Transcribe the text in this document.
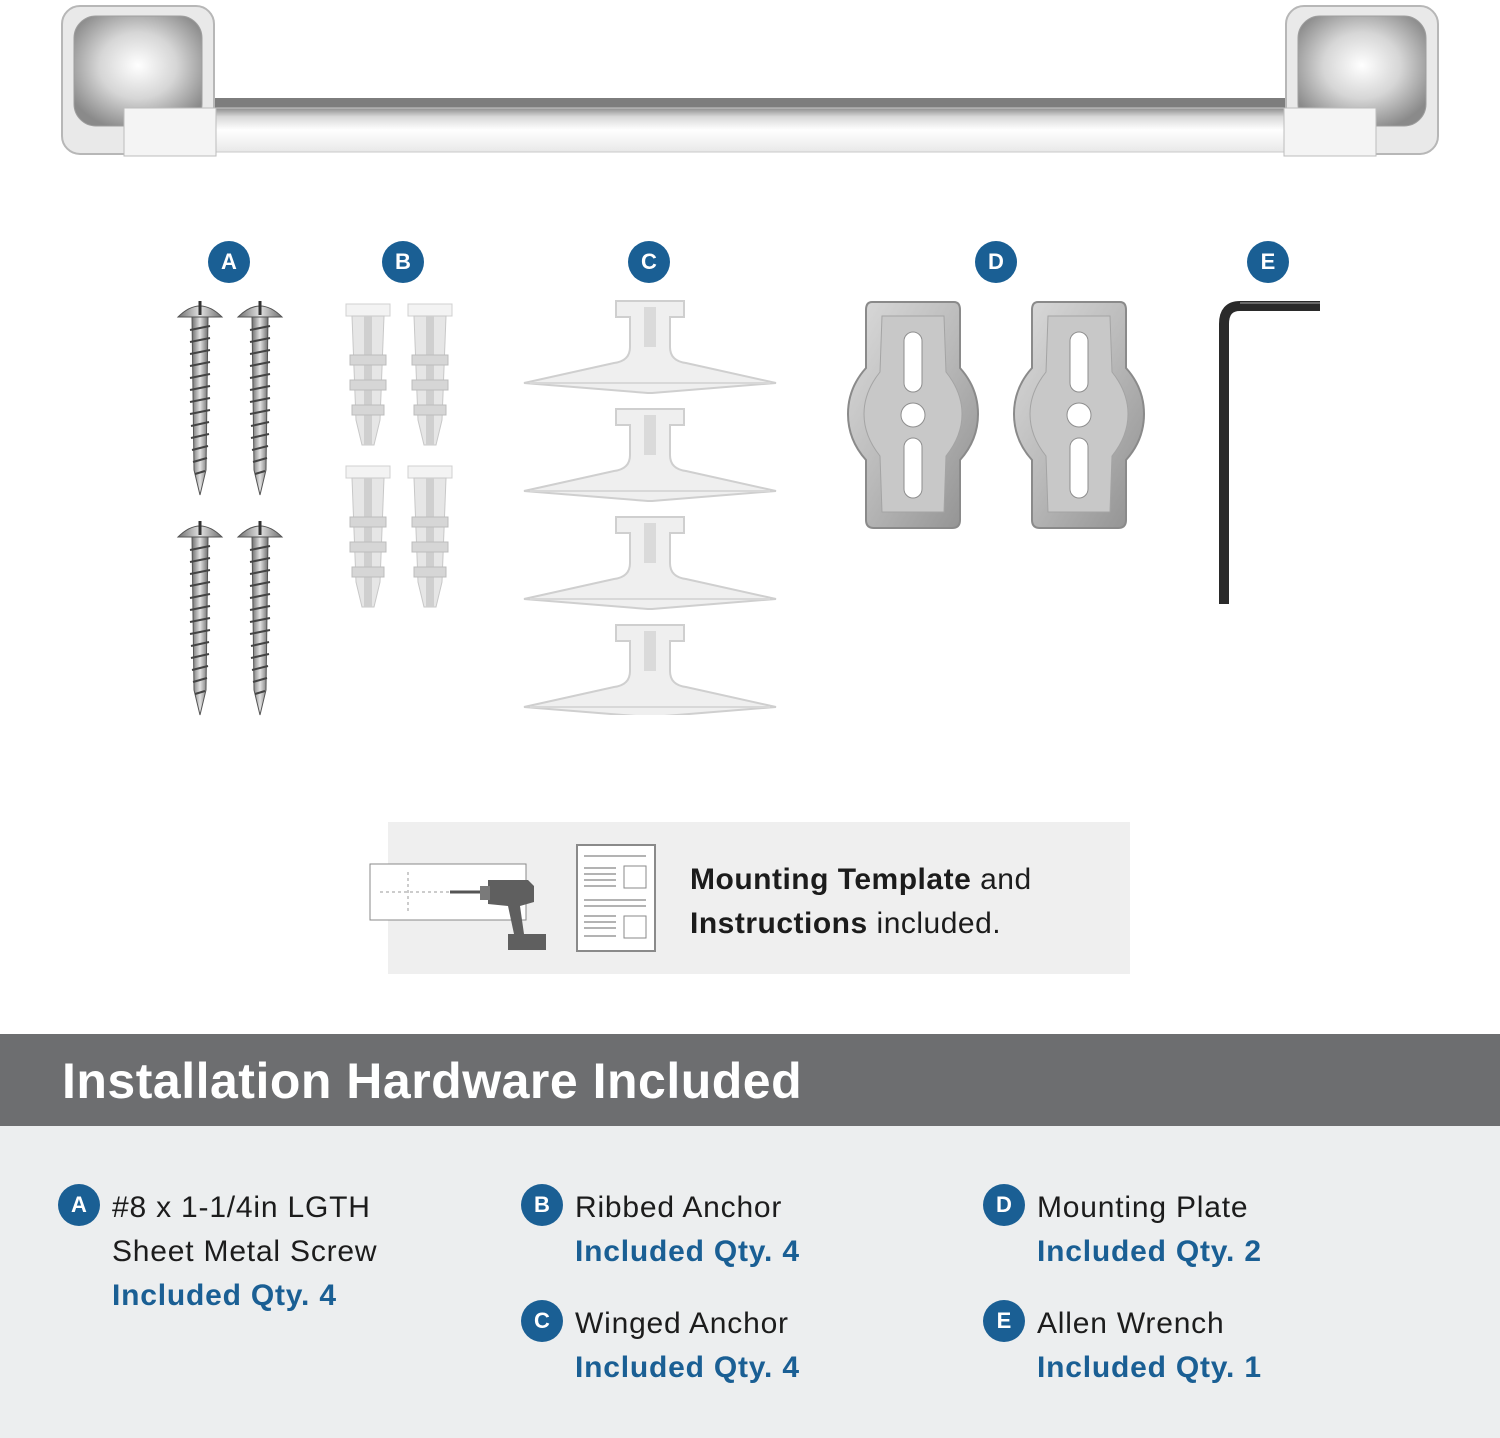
A	B	C	D	E
Mounting Template and
Instructions included.
Installation Hardware Included
A #8 x 1-1/4in LGTH
Sheet Metal Screw
Included Qty. 4
B Ribbed Anchor
Included Qty. 4
C Winged Anchor
Included Qty. 4
D Mounting Plate
Included Qty. 2
E Allen Wrench
Included Qty. 1
